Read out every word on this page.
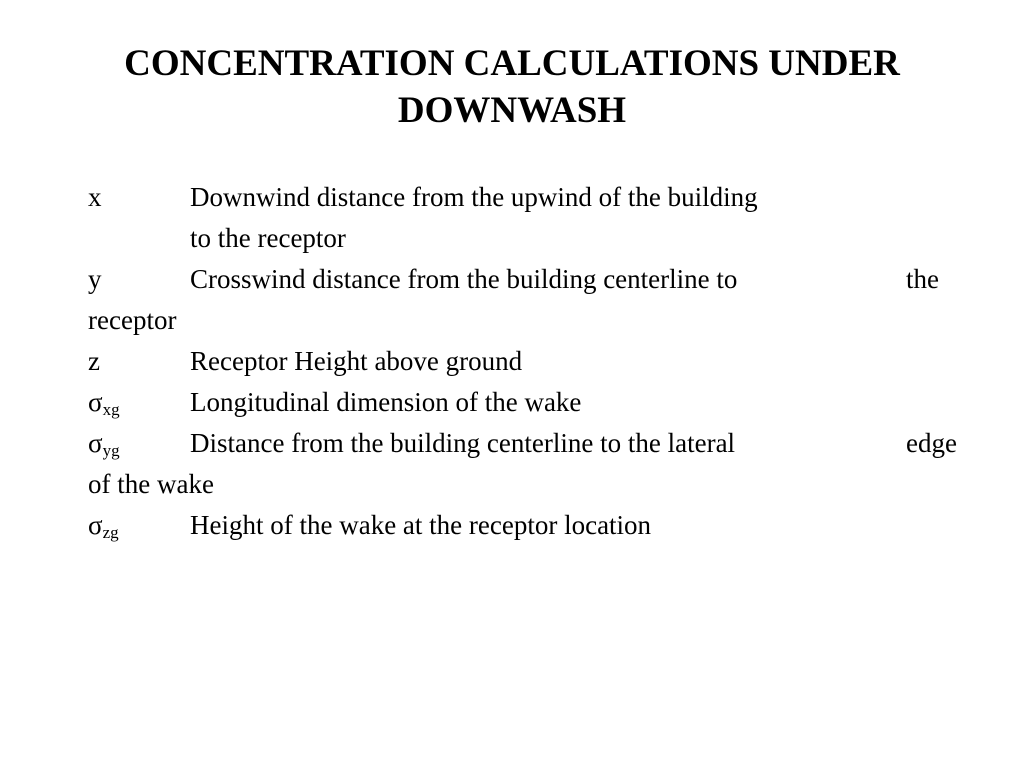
CONCENTRATION CALCULATIONS UNDER
DOWNWASH
x	Downwind distance from the upwind of the building
to the receptor
y	Crosswind distance from the building centerline to	the
receptor
z	Receptor Height above ground
$\sigma_{xg}$	Longitudinal dimension of the wake
$\sigma_{yg}$	Distance from the building centerline to the lateral	edge
of the wake
$\sigma_{zg}$	Height of the wake at the receptor location
